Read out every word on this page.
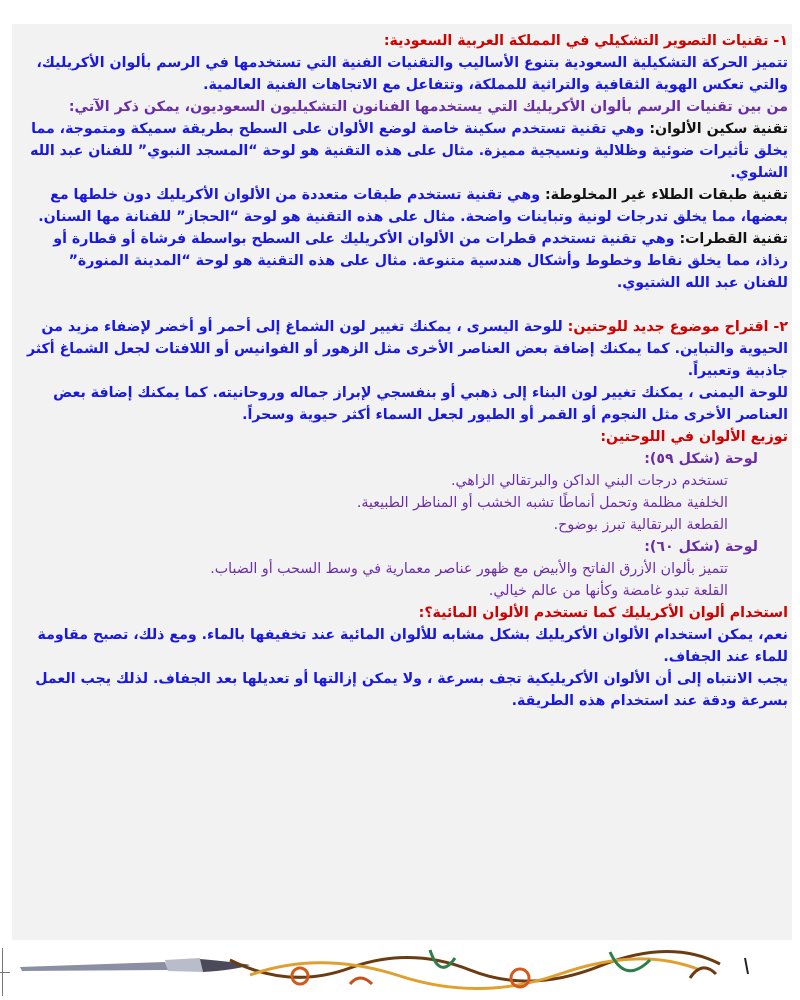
١- تقنيات التصوير التشكيلي في المملكة العربية السعودية:

تتميز الحركة التشكيلية السعودية بتنوع الأساليب والتقنيات الفنية التي تستخدمها في الرسم بألوان الأكريليك، والتي تعكس الهوية الثقافية والتراثية للمملكة، وتتفاعل مع الاتجاهات الفنية العالمية.

من بين تقنيات الرسم بألوان الأكريليك التي يستخدمها الفنانون التشكيليون السعوديون، يمكن ذكر الآتي:

تقنية سكين الألوان: وهي تقنية تستخدم سكينة خاصة لوضع الألوان على السطح بطريقة سميكة ومتموجة، مما يخلق تأثيرات ضوئية وظلالية ونسيجية مميزة. مثال على هذه التقنية هو لوحة “المسجد النبوي” للفنان عبد الله الشلوي.

تقنية طبقات الطلاء غير المخلوطة: وهي تقنية تستخدم طبقات متعددة من الألوان الأكريليك دون خلطها مع بعضها، مما يخلق تدرجات لونية وتباينات واضحة. مثال على هذه التقنية هو لوحة “الحجاز” للفنانة مها السنان.

تقنية القطرات: وهي تقنية تستخدم قطرات من الألوان الأكريليك على السطح بواسطة فرشاة أو قطارة أو رذاذ، مما يخلق نقاط وخطوط وأشكال هندسية متنوعة. مثال على هذه التقنية هو لوحة “المدينة المنورة” للفنان عبد الله الشتيوي.

٢- اقتراح موضوع جديد للوحتين: للوحة اليسرى ، يمكنك تغيير لون الشماغ إلى أحمر أو أخضر لإضفاء مزيد من الحيوية والتباين. كما يمكنك إضافة بعض العناصر الأخرى مثل الزهور أو الفوانيس أو اللافتات لجعل الشماغ أكثر جاذبية وتعبيراً.

للوحة اليمنى ، يمكنك تغيير لون البناء إلى ذهبي أو بنفسجي لإبراز جماله وروحانيته. كما يمكنك إضافة بعض العناصر الأخرى مثل النجوم أو القمر أو الطيور لجعل السماء أكثر حيوية وسحراً.

توزيع الألوان في اللوحتين:

لوحة (شكل ٥٩):

تستخدم درجات البني الداكن والبرتقالي الزاهي.

الخلفية مظلمة وتحمل أنماطًا تشبه الخشب أو المناظر الطبيعية.

القطعة البرتقالية تبرز بوضوح.

لوحة (شكل ٦٠):

تتميز بألوان الأزرق الفاتح والأبيض مع ظهور عناصر معمارية في وسط السحب أو الضباب.

القلعة تبدو غامضة وكأنها من عالم خيالي.

استخدام ألوان الأكريليك كما تستخدم الألوان المائية؟:

نعم، يمكن استخدام الألوان الأكريليك بشكل مشابه للألوان المائية عند تخفيفها بالماء. ومع ذلك، تصبح مقاومة للماء عند الجفاف.

يجب الانتباه إلى أن الألوان الأكريليكية تجف بسرعة ، ولا يمكن إزالتها أو تعديلها بعد الجفاف. لذلك يجب العمل بسرعة ودقة عند استخدام هذه الطريقة.
